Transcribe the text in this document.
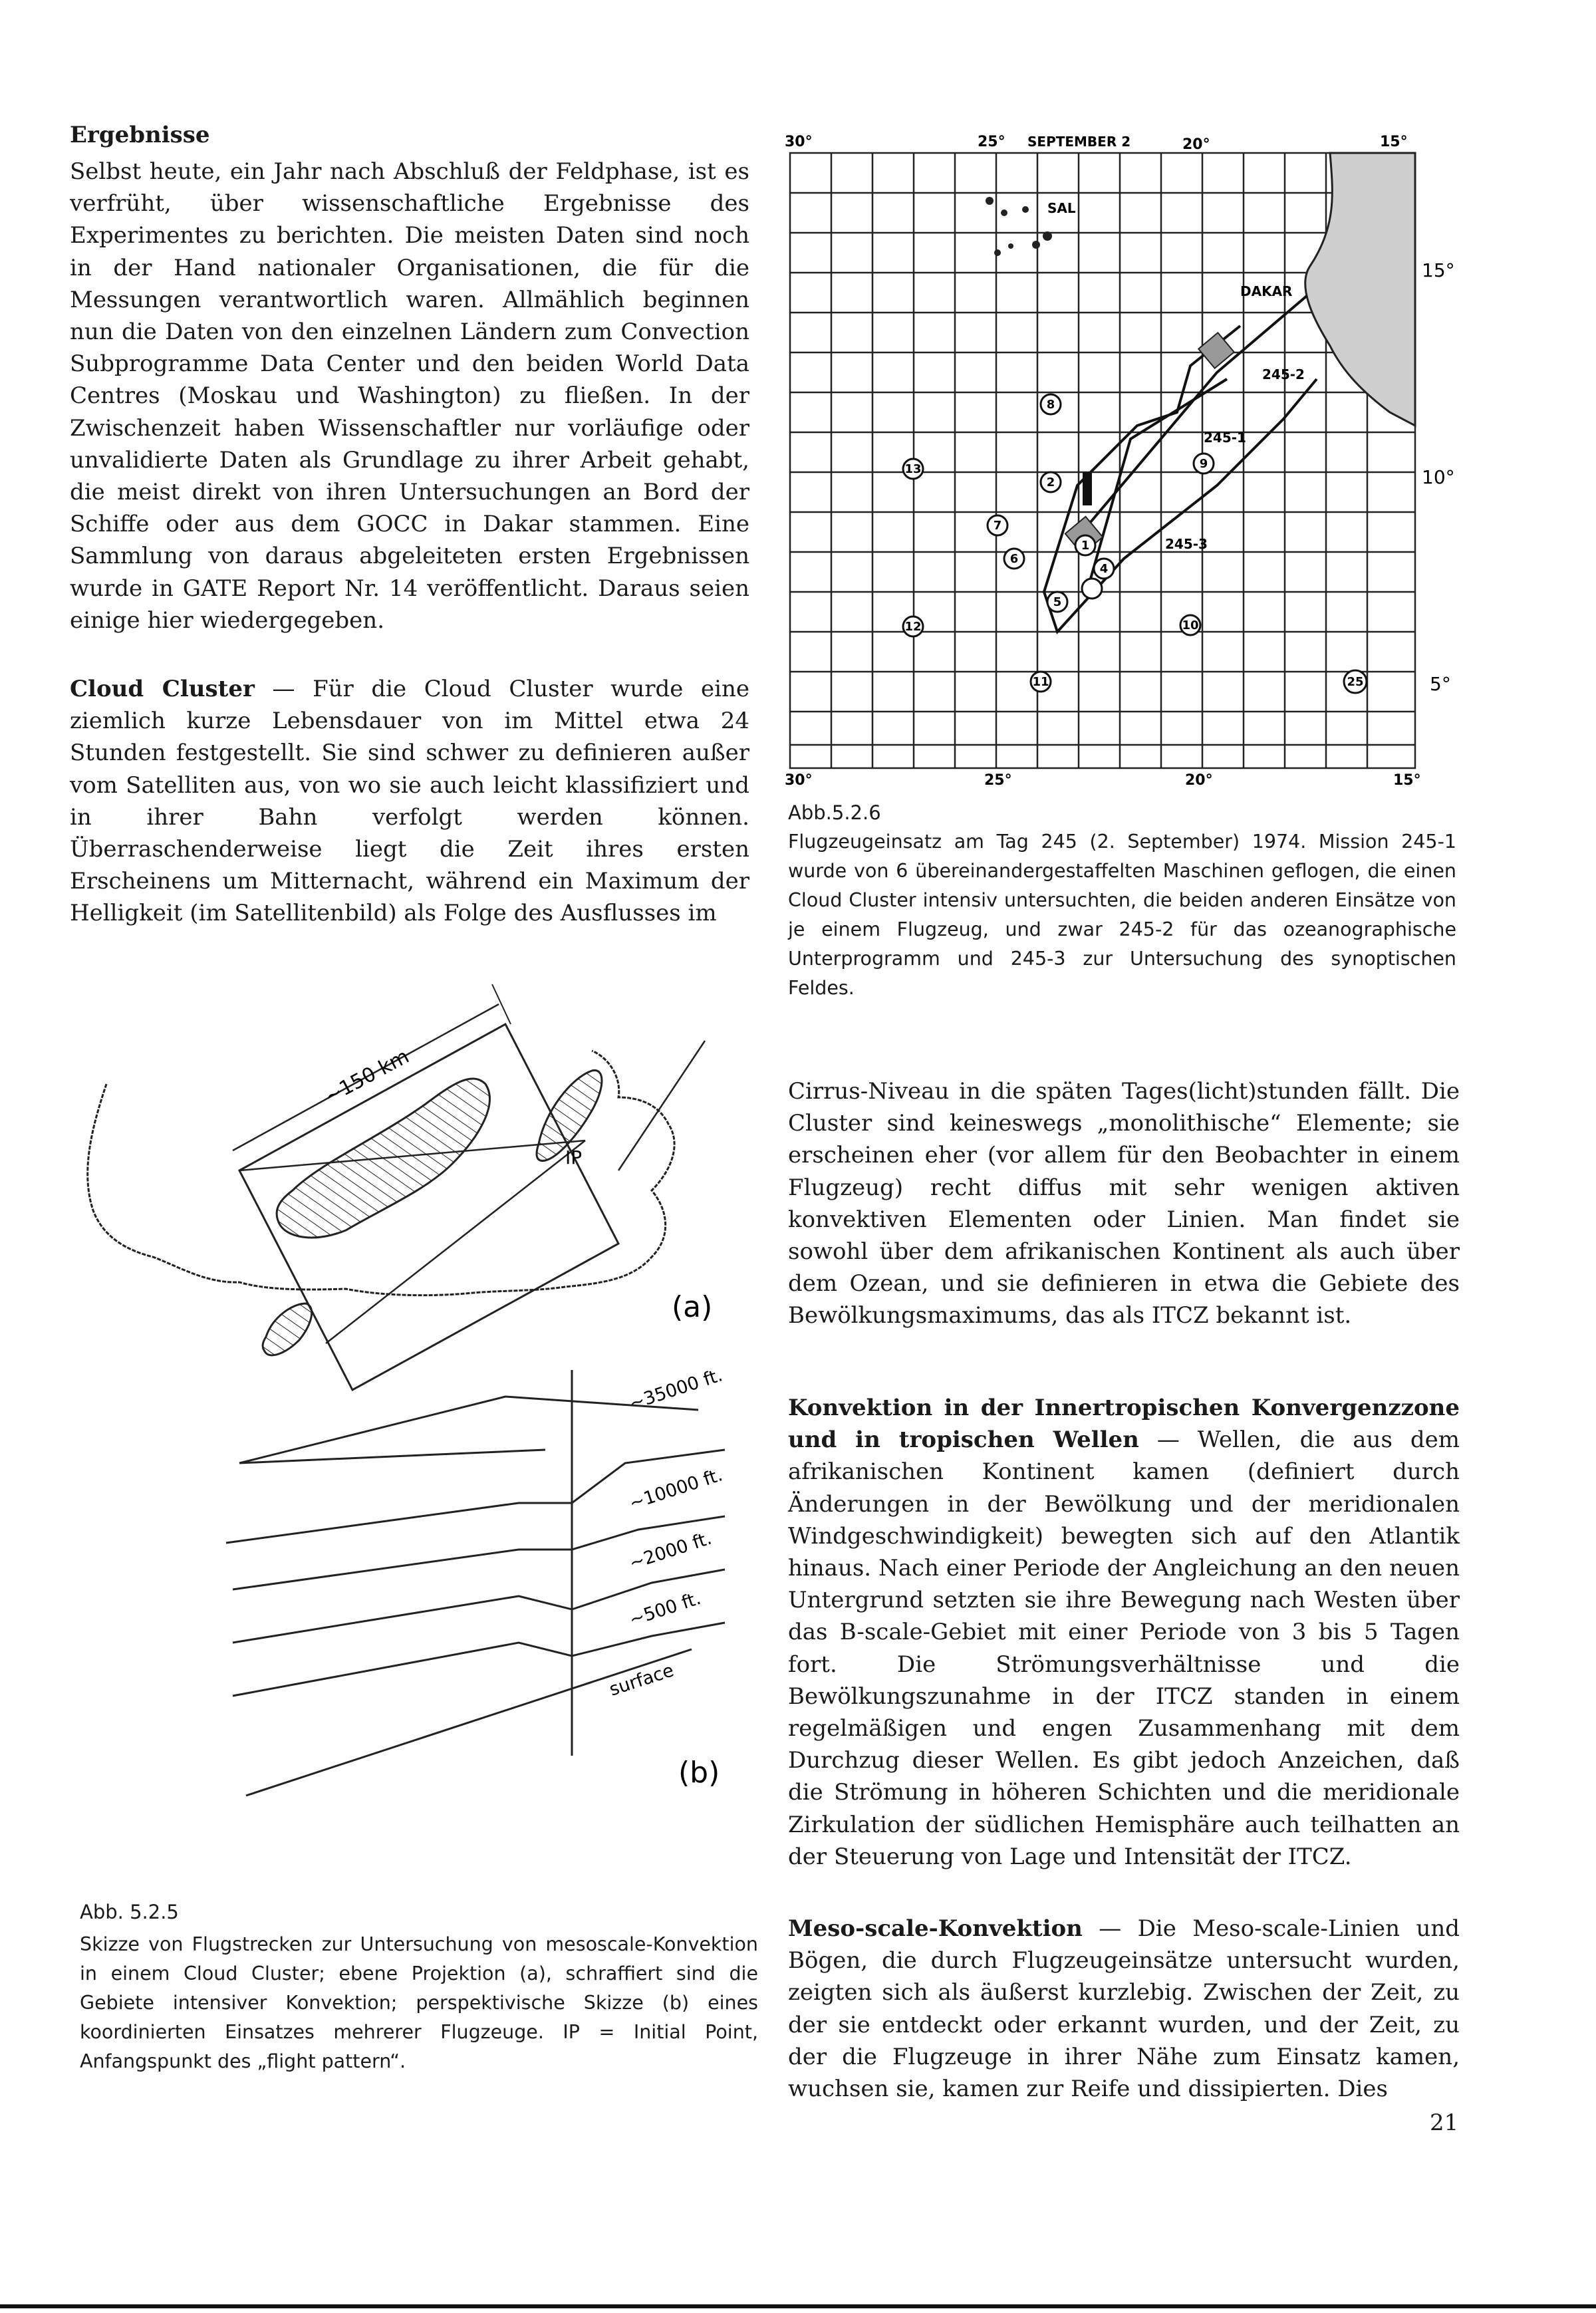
Ergebnisse
Selbst heute, ein Jahr nach Abschluß der Feldphase, ist es verfrüht, über wissenschaftliche Ergebnisse des Experimentes zu berichten. Die meisten Daten sind noch in der Hand nationaler Organisationen, die für die Messungen verantwortlich waren. Allmählich beginnen nun die Daten von den einzelnen Ländern zum Convection Subprogramme Data Center und den beiden World Data Centres (Moskau und Washington) zu fließen. In der Zwischenzeit haben Wissenschaftler nur vorläufige oder unvalidierte Daten als Grundlage zu ihrer Arbeit gehabt, die meist direkt von ihren Untersuchungen an Bord der Schiffe oder aus dem GOCC in Dakar stammen. Eine Sammlung von daraus abgeleiteten ersten Ergebnissen wurde in GATE Report Nr. 14 veröffentlicht. Daraus seien einige hier wiedergegeben.
Cloud Cluster — Für die Cloud Cluster wurde eine ziemlich kurze Lebensdauer von im Mittel etwa 24 Stunden festgestellt. Sie sind schwer zu definieren außer vom Satelliten aus, von wo sie auch leicht klassifiziert und in ihrer Bahn verfolgt werden können. Überraschenderweise liegt die Zeit ihres ersten Erscheinens um Mitternacht, während ein Maximum der Helligkeit (im Satellitenbild) als Folge des Ausflusses im
~150 km
IP
(a)
~35000 ft.
~10000 ft.
~2000 ft.
~500 ft.
surface
(b)
Abb. 5.2.5
Skizze von Flugstrecken zur Untersuchung von mesoscale-Konvektion in einem Cloud Cluster; ebene Projektion (a), schraffiert sind die Gebiete intensiver Konvektion; perspektivische Skizze (b) eines koordinierten Einsatzes mehrerer Flugzeuge. IP = Initial Point, Anfangspunkt des „flight pattern“.
1
2
4
5
6
7
8
9
10
11
12
13
25
30°	25°	20°	15°
30°	25°	20°	15°
SEPTEMBER 2
15°
10°
5°
SAL
DAKAR
245-2
245-1
245-3
Abb.5.2.6
Flugzeugeinsatz am Tag 245 (2. September) 1974. Mission 245-1 wurde von 6 übereinandergestaffelten Maschinen geflogen, die einen Cloud Cluster intensiv untersuchten, die beiden anderen Einsätze von je einem Flugzeug, und zwar 245-2 für das ozeanographische Unterprogramm und 245-3 zur Untersuchung des synoptischen Feldes.
Cirrus-Niveau in die späten Tages(licht)stunden fällt. Die Cluster sind keineswegs „monolithische“ Elemente; sie erscheinen eher (vor allem für den Beobachter in einem Flugzeug) recht diffus mit sehr wenigen aktiven konvektiven Elementen oder Linien. Man findet sie sowohl über dem afrikanischen Kontinent als auch über dem Ozean, und sie definieren in etwa die Gebiete des Bewölkungsmaximums, das als ITCZ bekannt ist.
Konvektion in der Innertropischen Konvergenzzone und in tropischen Wellen — Wellen, die aus dem afrikanischen Kontinent kamen (definiert durch Änderungen in der Bewölkung und der meridionalen Windgeschwindigkeit) bewegten sich auf den Atlantik hinaus. Nach einer Periode der Angleichung an den neuen Untergrund setzten sie ihre Bewegung nach Westen über das B-scale-Gebiet mit einer Periode von 3 bis 5 Tagen fort. Die Strömungsverhältnisse und die Bewölkungszunahme in der ITCZ standen in einem regelmäßigen und engen Zusammenhang mit dem Durchzug dieser Wellen. Es gibt jedoch Anzeichen, daß die Strömung in höheren Schichten und die meridionale Zirkulation der südlichen Hemisphäre auch teilhatten an der Steuerung von Lage und Intensität der ITCZ.
Meso-scale-Konvektion — Die Meso-scale-Linien und Bögen, die durch Flugzeugeinsätze untersucht wurden, zeigten sich als äußerst kurzlebig. Zwischen der Zeit, zu der sie entdeckt oder erkannt wurden, und der Zeit, zu der die Flugzeuge in ihrer Nähe zum Einsatz kamen, wuchsen sie, kamen zur Reife und dissipierten. Dies
21
